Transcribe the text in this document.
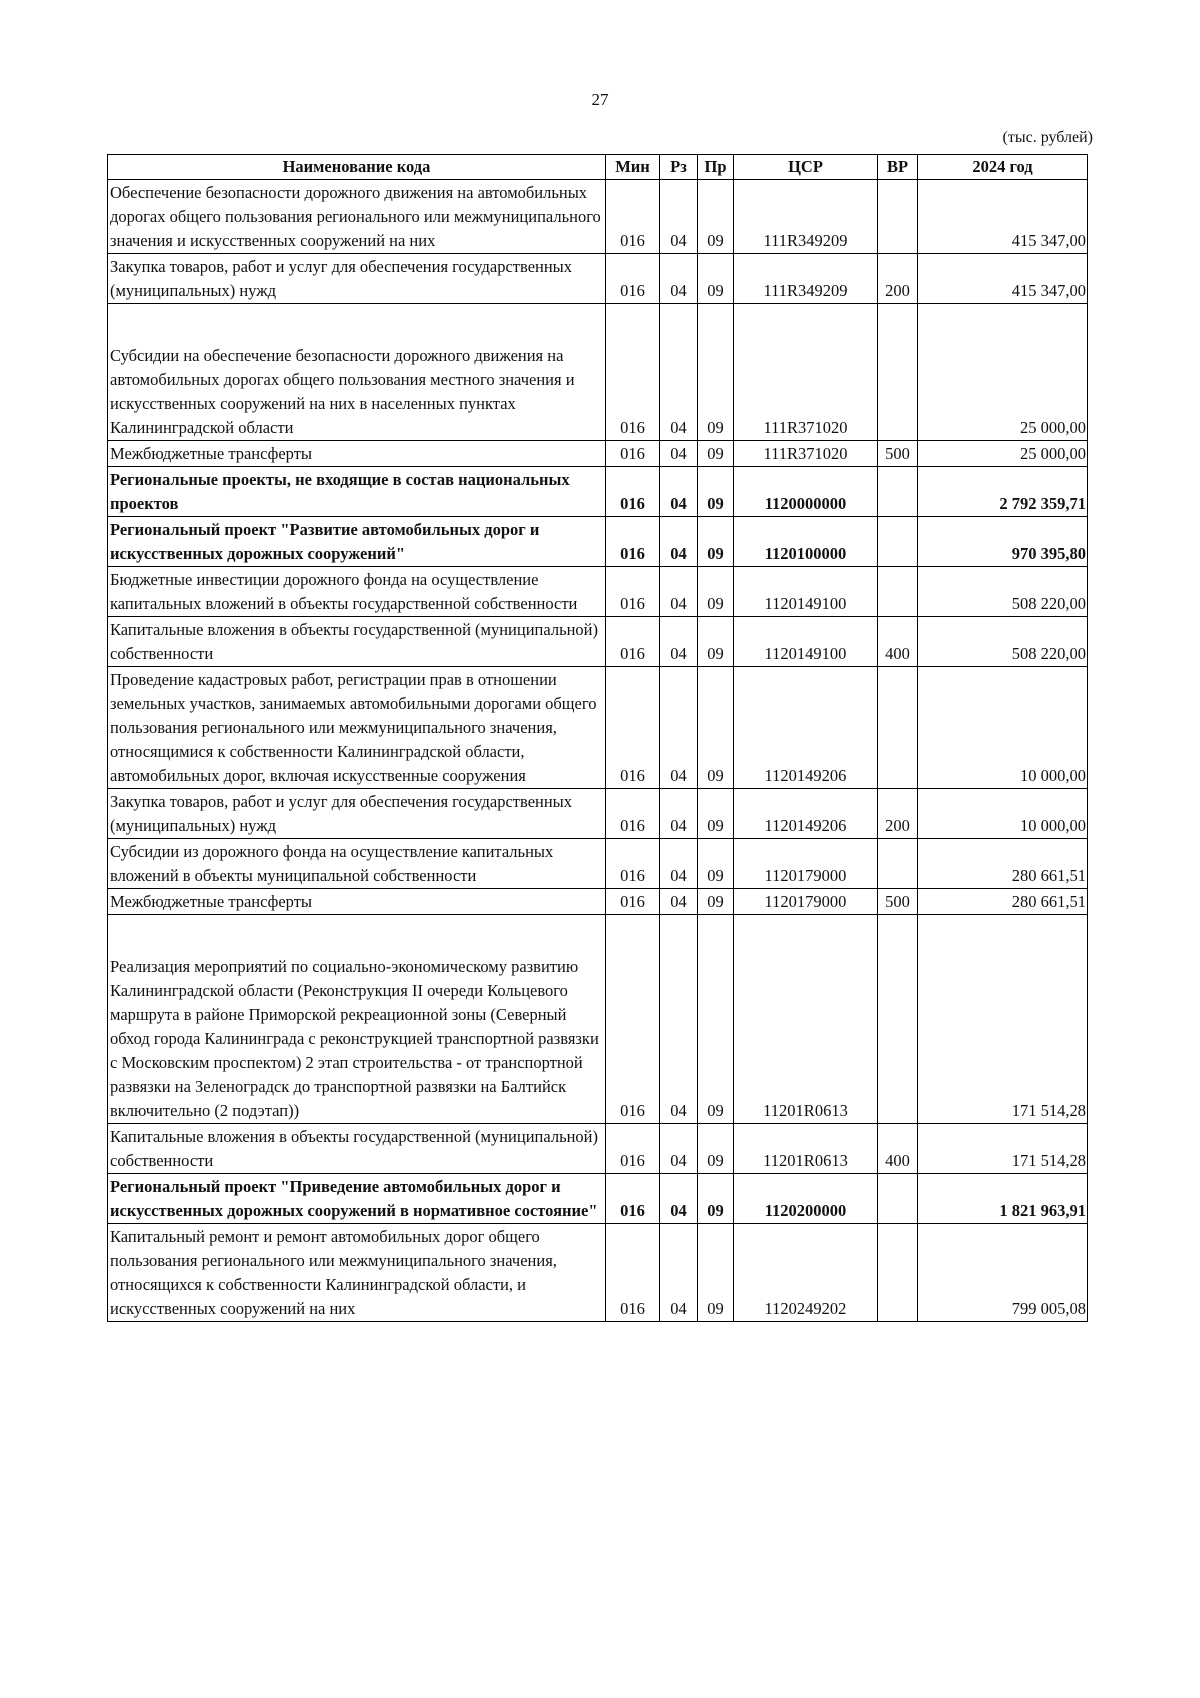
27
(тыс. рублей)
Наименование кода	Мин	Рз	Пр	ЦСР	ВР	2024 год
Обеспечение безопасности дорожного движения на автомобильных дорогах общего пользования регионального или межмуниципального значения и искусственных сооружений на них	016	04	09	111R349209		415 347,00
Закупка товаров, работ и услуг для обеспечения государственных (муниципальных) нужд	016	04	09	111R349209	200	415 347,00
Субсидии на обеспечение безопасности дорожного движения на автомобильных дорогах общего пользования местного значения и искусственных сооружений на них в населенных пунктах Калининградской области	016	04	09	111R371020		25 000,00
Межбюджетные трансферты	016	04	09	111R371020	500	25 000,00
Региональные проекты, не входящие в состав национальных проектов	016	04	09	1120000000		2 792 359,71
Региональный проект "Развитие автомобильных дорог и искусственных дорожных сооружений"	016	04	09	1120100000		970 395,80
Бюджетные инвестиции дорожного фонда на осуществление капитальных вложений в объекты государственной собственности	016	04	09	1120149100		508 220,00
Капитальные вложения в объекты государственной (муниципальной) собственности	016	04	09	1120149100	400	508 220,00
Проведение кадастровых работ, регистрации прав в отношении земельных участков, занимаемых автомобильными дорогами общего пользования регионального или межмуниципального значения, относящимися к собственности Калининградской области, автомобильных дорог, включая искусственные сооружения	016	04	09	1120149206		10 000,00
Закупка товаров, работ и услуг для обеспечения государственных (муниципальных) нужд	016	04	09	1120149206	200	10 000,00
Субсидии из дорожного фонда на осуществление капитальных вложений в объекты муниципальной собственности	016	04	09	1120179000		280 661,51
Межбюджетные трансферты	016	04	09	1120179000	500	280 661,51
Реализация мероприятий по социально-экономическому развитию Калининградской области (Реконструкция II очереди Кольцевого маршрута в районе Приморской рекреационной зоны (Северный обход города Калининграда с реконструкцией транспортной развязки с Московским проспектом) 2 этап строительства - от транспортной развязки на Зеленоградск до транспортной развязки на Балтийск включительно (2 подэтап))	016	04	09	11201R0613		171 514,28
Капитальные вложения в объекты государственной (муниципальной) собственности	016	04	09	11201R0613	400	171 514,28
Региональный проект "Приведение автомобильных дорог и искусственных дорожных сооружений в нормативное состояние"	016	04	09	1120200000		1 821 963,91
Капитальный ремонт и ремонт автомобильных дорог общего пользования регионального или межмуниципального значения, относящихся к собственности Калининградской области, и искусственных сооружений на них	016	04	09	1120249202		799 005,08
